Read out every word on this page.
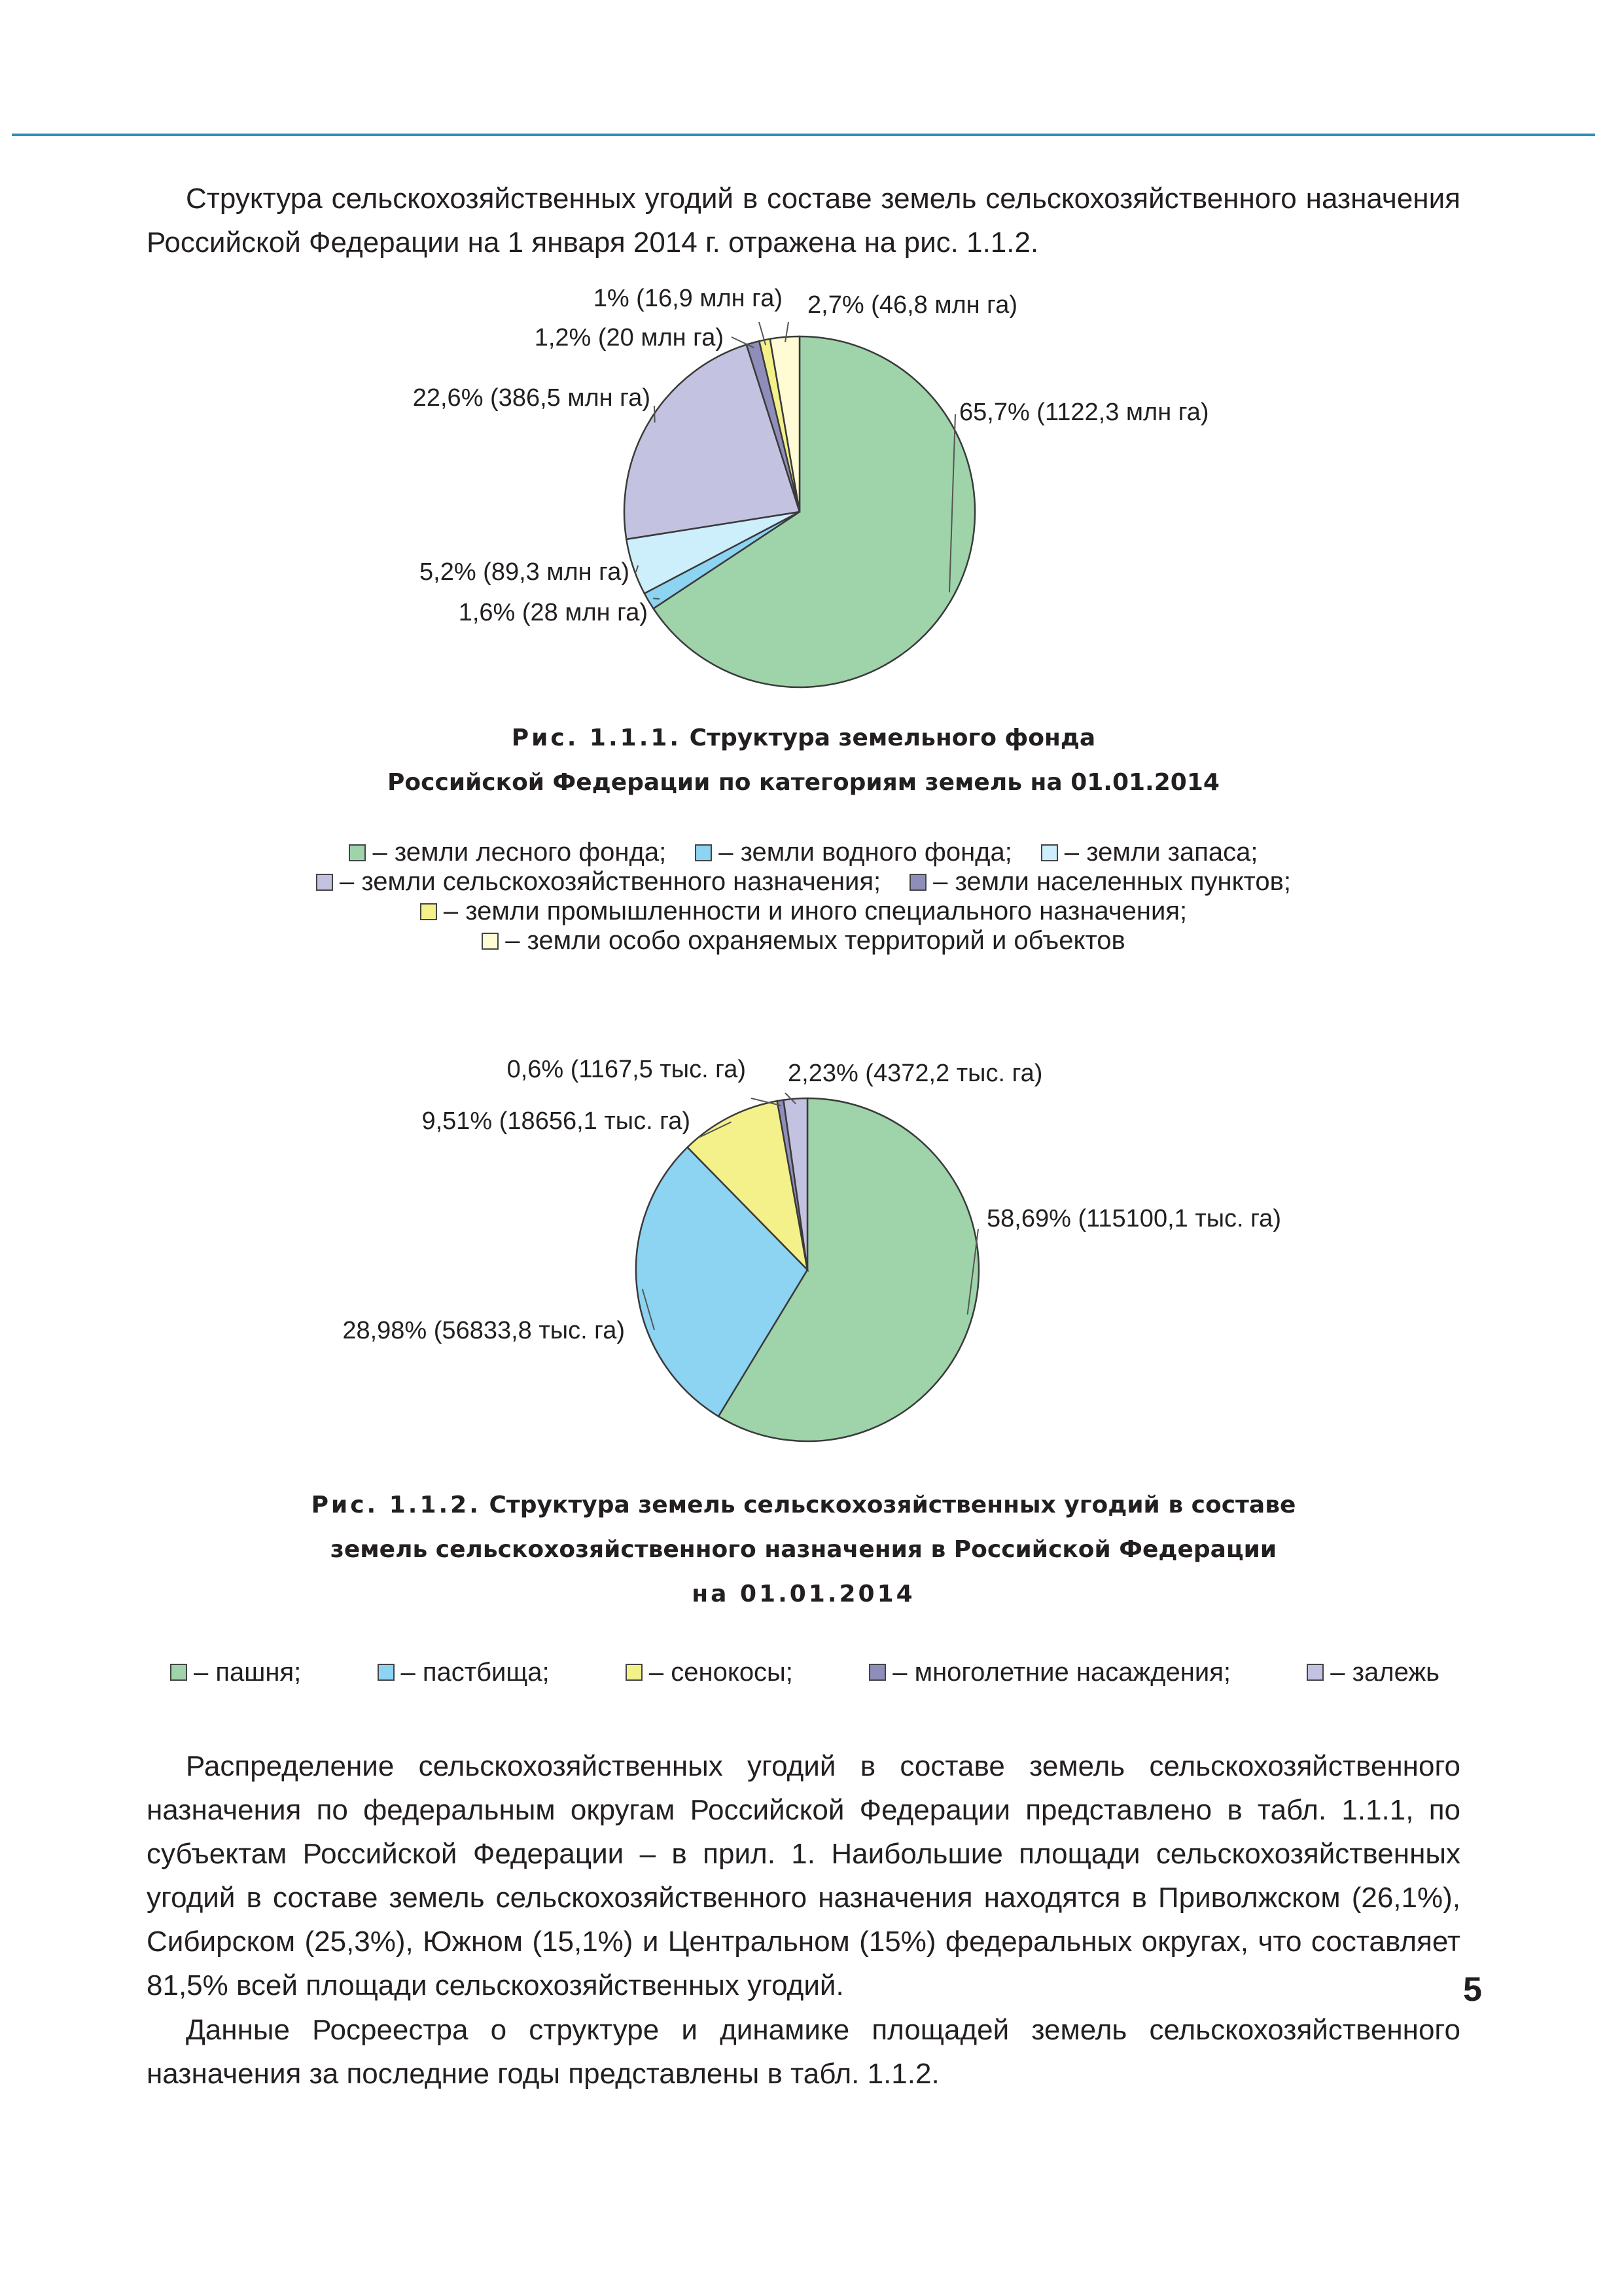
Структура сельскохозяйственных угодий в составе земель сельскохозяйственного назначения Российской Федерации на 1 января 2014 г. отражена на рис. 1.1.2.

65,7% (1122,3 млн га)
1,6% (28 млн га)
5,2% (89,3 млн га)
22,6% (386,5 млн га)
1,2% (20 млн га)
1% (16,9 млн га) 2,7% (46,8 млн га)
Рис. 1.1.1. Структура земельного фонда
Российской Федерации по категориям земель на 01.01.2014
– земли лесного фонда; – земли водного фонда; – земли запаса;
– земли сельскохозяйственного назначения; – земли населенных пунктов;
– земли промышленности и иного специального назначения;
– земли особо охраняемых территорий и объектов
58,69% (115100,1 тыс. га)
28,98% (56833,8 тыс. га)
9,51% (18656,1 тыс. га)
0,6% (1167,5 тыс. га) 2,23% (4372,2 тыс. га)
Рис. 1.1.2. Структура земель сельскохозяйственных угодий в составе
земель сельскохозяйственного назначения в Российской Федерации
на 01.01.2014
– пашня;	– пастбища;	– сенокосы;	– многолетние насаждения;	– залежь

Распределение сельскохозяйственных угодий в составе земель сельскохозяйственного назначения по федеральным округам Российской Федерации представлено в табл. 1.1.1, по субъектам Российской Федерации – в прил. 1. Наибольшие площади сельскохозяйственных угодий в составе земель сельскохозяйственного назначения находятся в Приволжском (26,1%), Сибирском (25,3%), Южном (15,1%) и Центральном (15%) федеральных округах, что составляет 81,5% всей площади сельскохозяйственных угодий.

Данные Росреестра о структуре и динамике площадей земель сельскохозяйственного назначения за последние годы представлены в табл. 1.1.2.

5
